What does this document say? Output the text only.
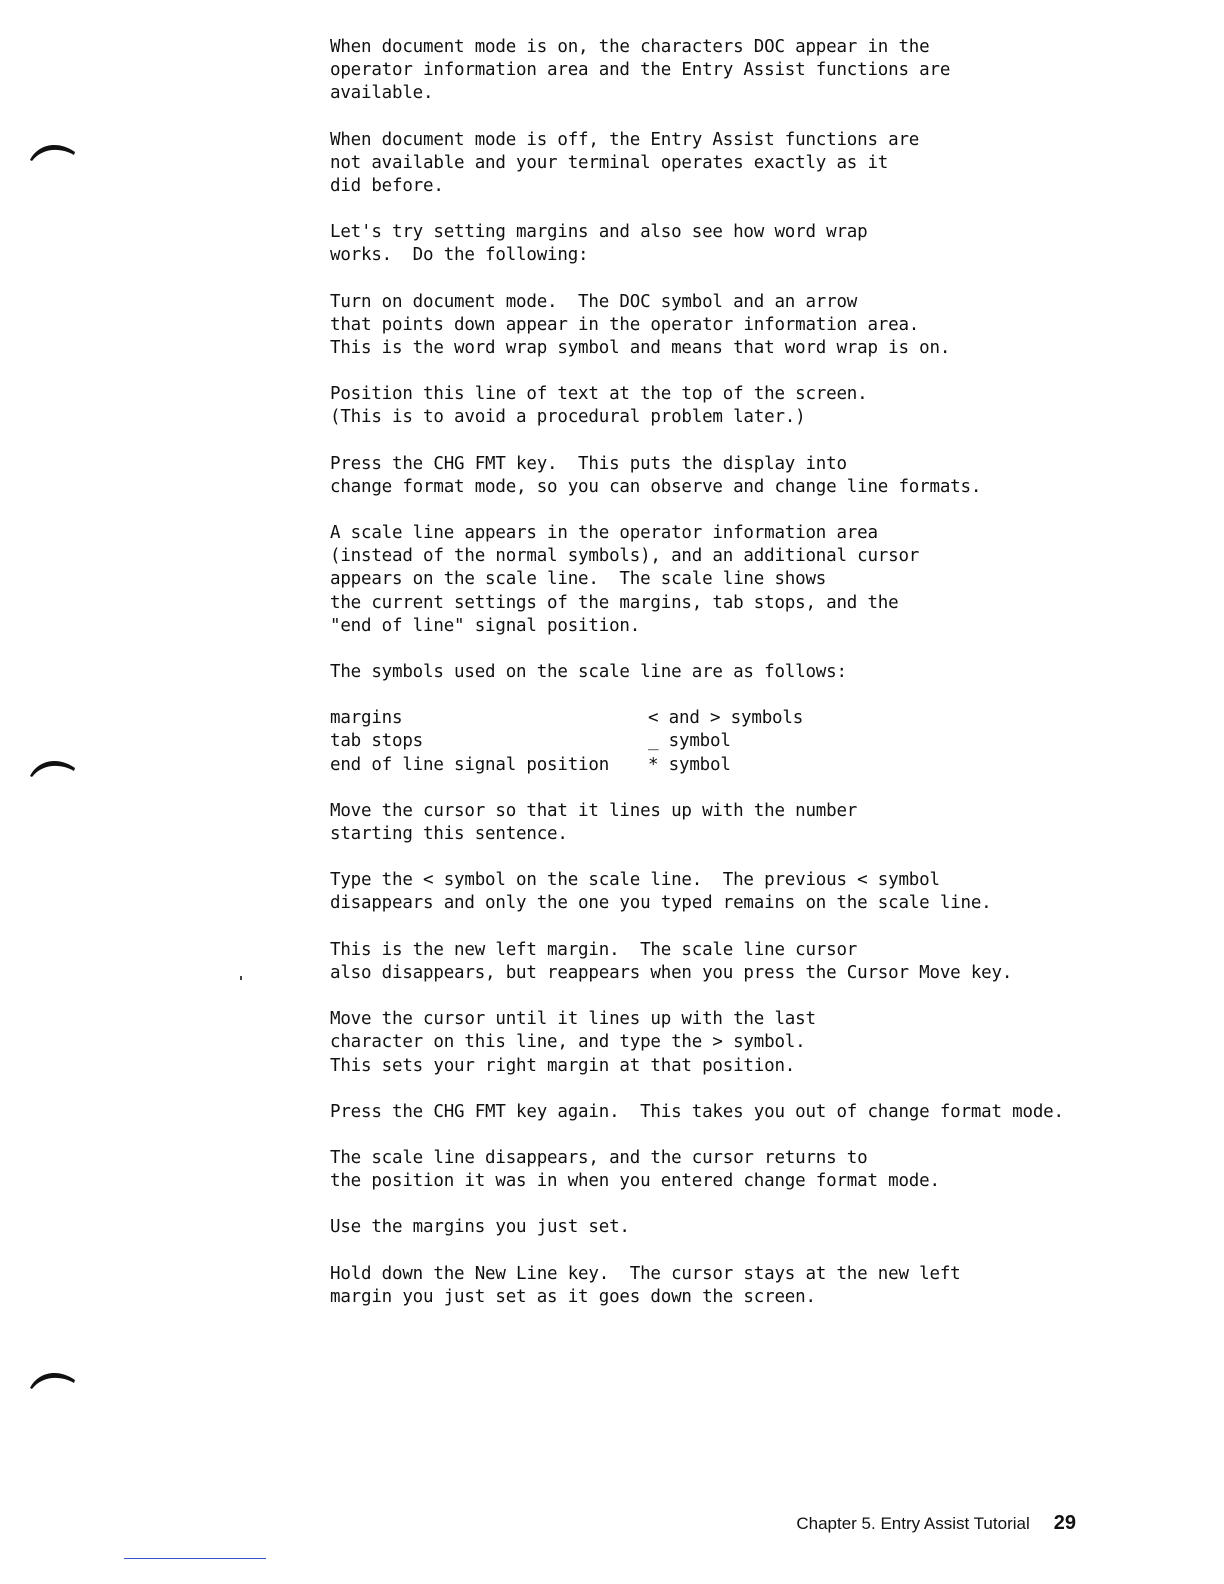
When document mode is on, the characters DOC appear in the
operator information area and the Entry Assist functions are
available.
When document mode is off, the Entry Assist functions are
not available and your terminal operates exactly as it
did before.
Let's try setting margins and also see how word wrap
works.  Do the following:
Turn on document mode.  The DOC symbol and an arrow
that points down appear in the operator information area.
This is the word wrap symbol and means that word wrap is on.
Position this line of text at the top of the screen.
(This is to avoid a procedural problem later.)
Press the CHG FMT key.  This puts the display into
change format mode, so you can observe and change line formats.
A scale line appears in the operator information area
(instead of the normal symbols), and an additional cursor
appears on the scale line.  The scale line shows
the current settings of the margins, tab stops, and the
"end of line" signal position.
The symbols used on the scale line are as follows:
margins	< and > symbols
tab stops	_ symbol
end of line signal position	* symbol
Move the cursor so that it lines up with the number
starting this sentence.
Type the < symbol on the scale line.  The previous < symbol
disappears and only the one you typed remains on the scale line.
This is the new left margin.  The scale line cursor
also disappears, but reappears when you press the Cursor Move key.
Move the cursor until it lines up with the last
character on this line, and type the > symbol.
This sets your right margin at that position.
Press the CHG FMT key again.  This takes you out of change format mode.
The scale line disappears, and the cursor returns to
the position it was in when you entered change format mode.
Use the margins you just set.
Hold down the New Line key.  The cursor stays at the new left
margin you just set as it goes down the screen.
Chapter 5. Entry Assist Tutorial 29
